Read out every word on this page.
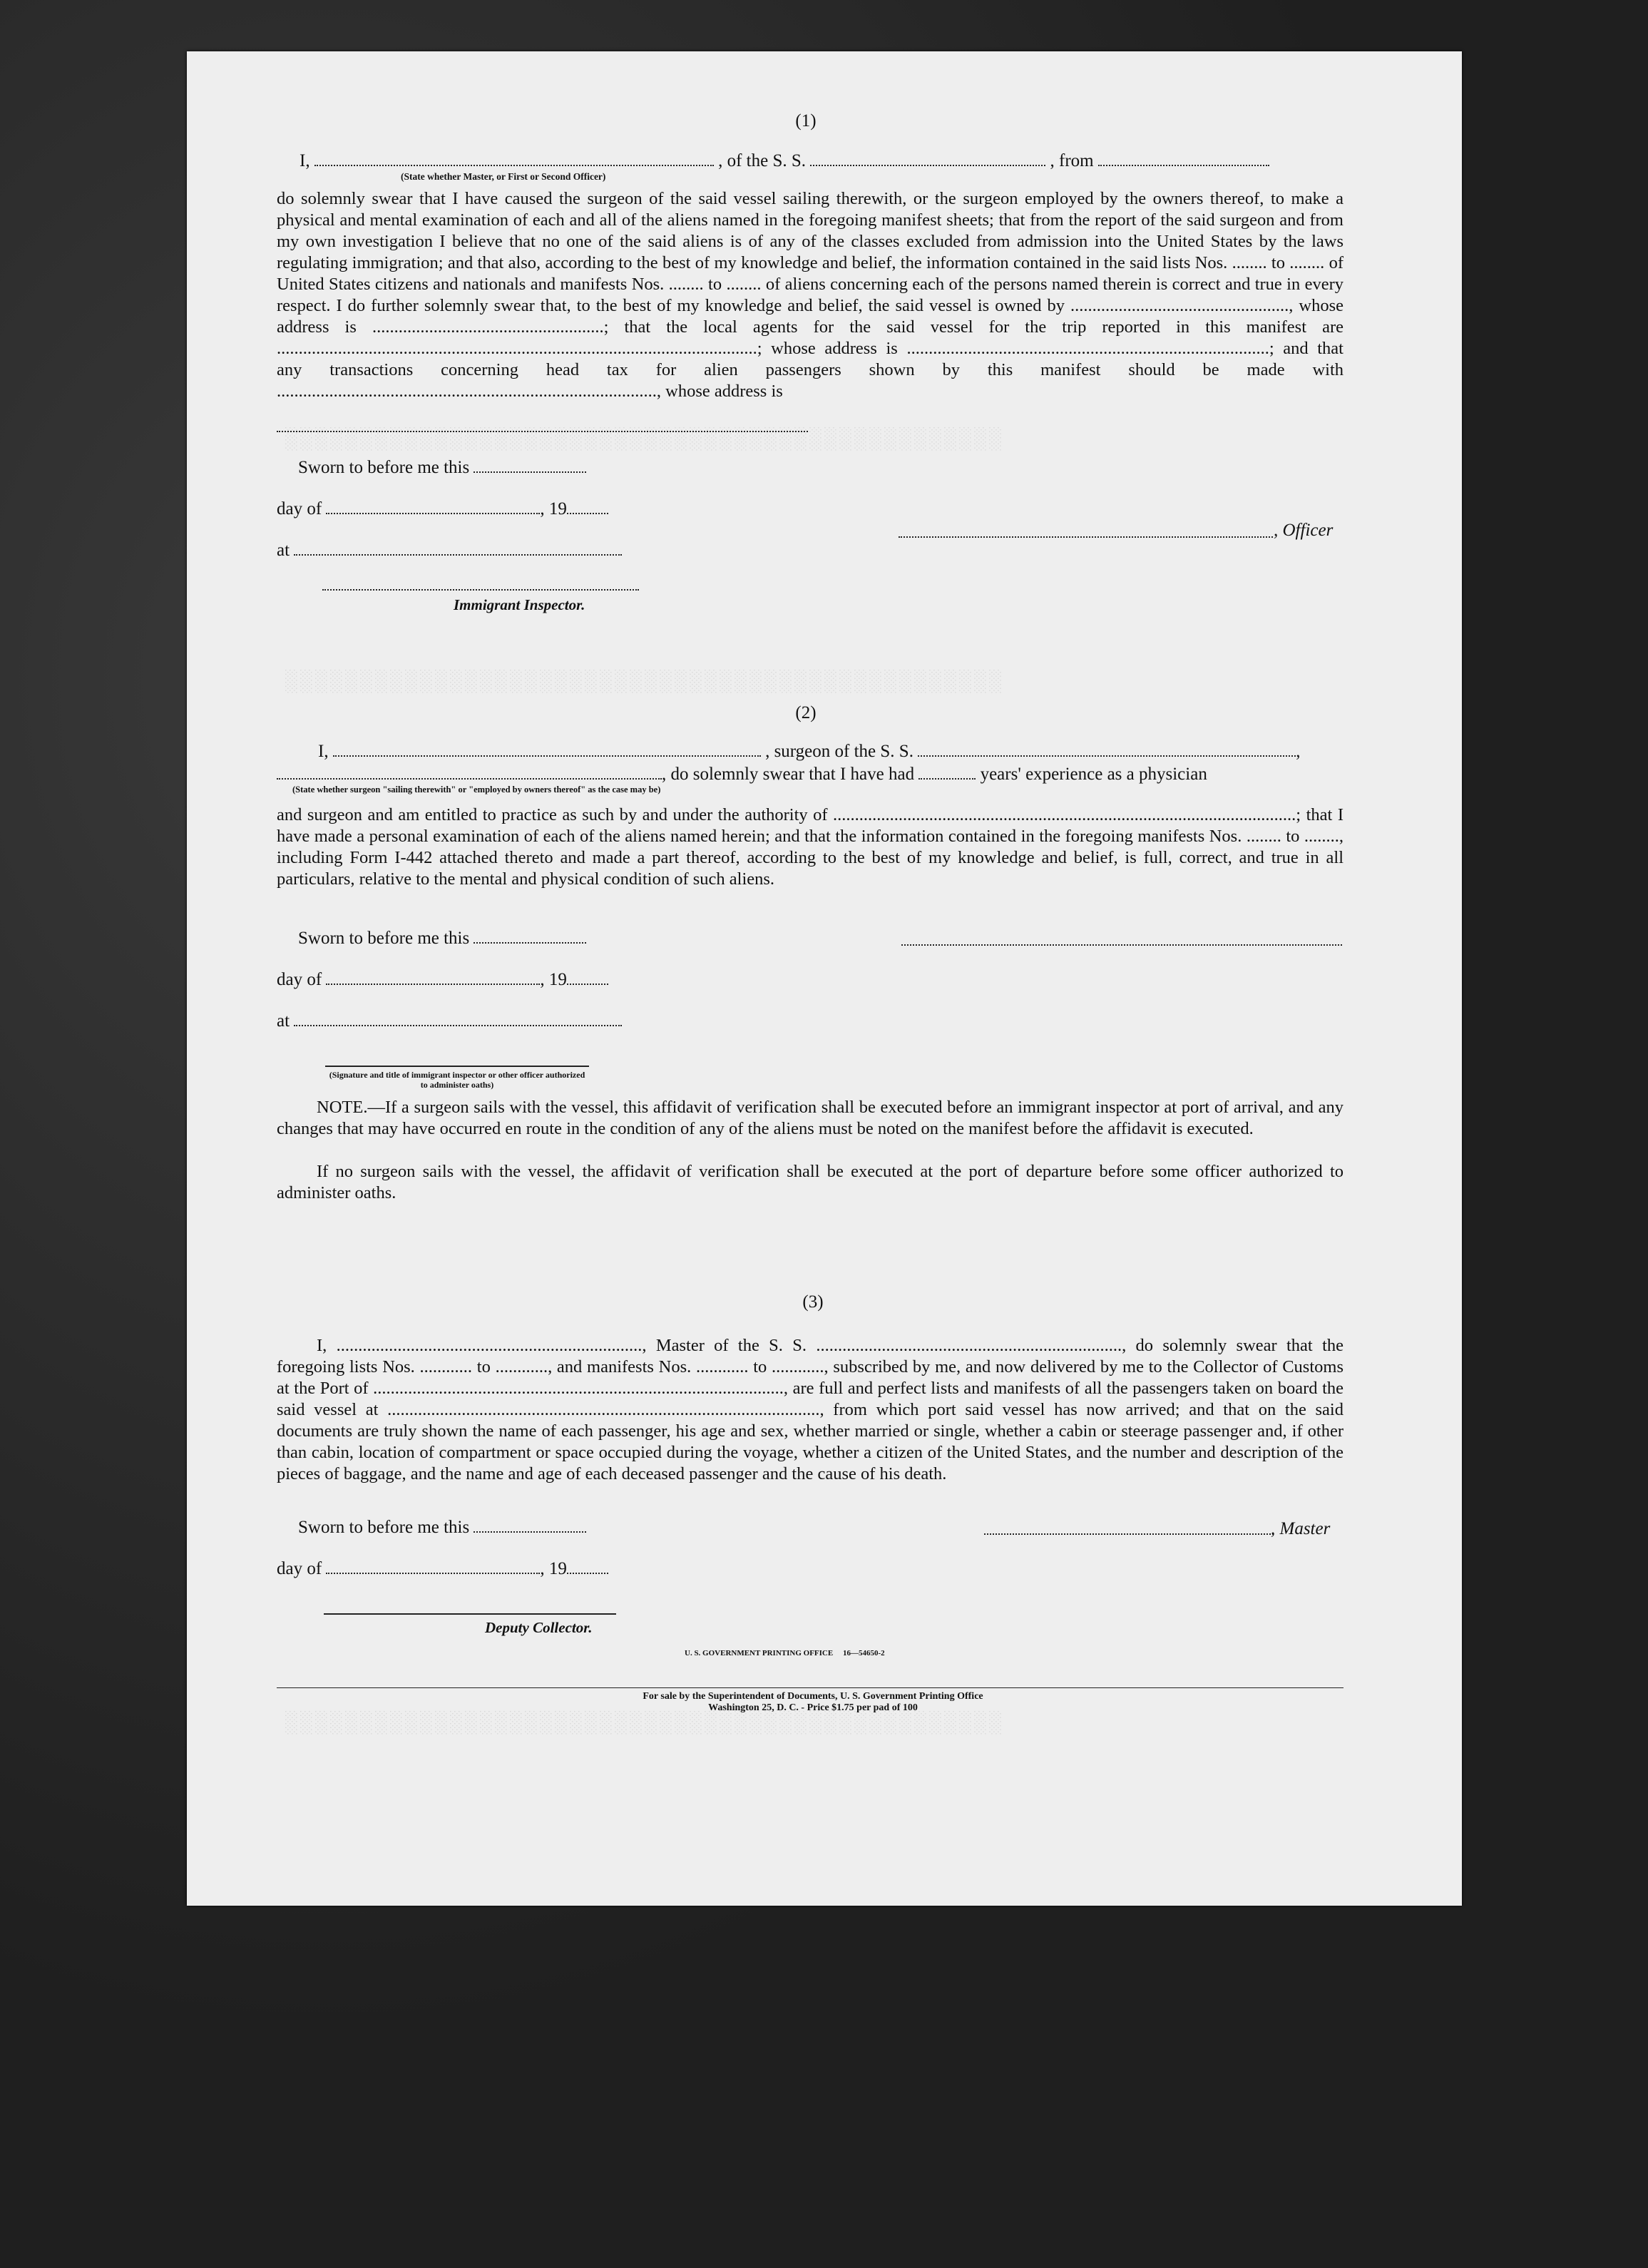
░░░░░░░░░░░░░░░░░░░░░░░░░░░░░░░░░░░░░░░░░░░░░░░░
░░░░░░░░░░░░░░░░░░░░░░░░░░░░░░░░░░░░░░░░░░░░░░░░
░░░░░░░░░░░░░░░░░░░░░░░░░░░░░░░░░░░░░░░░░░░░░░░░
(1)
I,	, of the S. S.	, from
(State whether Master, or First or Second Officer)

do solemnly swear that I have caused the surgeon of the said vessel sailing therewith, or the surgeon employed by the owners thereof, to make a physical and mental examination of each and all of the aliens named in the foregoing manifest sheets; that from the report of the said surgeon and from my own investigation I believe that no one of the said aliens is of any of the classes excluded from admission into the United States by the laws regulating immigration; and that also, according to the best of my knowledge and belief, the information contained in the said lists Nos. ........ to ........ of United States citizens and nationals and manifests Nos. ........ to ........ of aliens concerning each of the persons named therein is correct and true in every respect. I do further solemnly swear that, to the best of my knowledge and belief, the said vessel is owned by .................................................., whose address is .....................................................; that the local agents for the said vessel for the trip reported in this manifest are ..............................................................................................................; whose address is ...................................................................................; and that any transactions concerning head tax for alien passengers shown by this manifest should be made with ......................................................................................., whose address is

Sworn to before me this
day of	, 19
at
, Officer
Immigrant Inspector.
(2)
I,	, surgeon of the S. S.	,
, do solemnly swear that I have had	years' experience as a physician
(State whether surgeon "sailing therewith" or "employed by owners thereof" as the case may be)

and surgeon and am entitled to practice as such by and under the authority of ..........................................................................................................; that I have made a personal examination of each of the aliens named herein; and that the information contained in the foregoing manifests Nos. ........ to ........, including Form I-442 attached thereto and made a part thereof, according to the best of my knowledge and belief, is full, correct, and true in all particulars, relative to the mental and physical condition of such aliens.

Sworn to before me this
day of	, 19
at
(Signature and title of immigrant inspector or other officer authorized to administer oaths)

NOTE.—If a surgeon sails with the vessel, this affidavit of verification shall be executed before an immigrant inspector at port of arrival, and any changes that may have occurred en route in the condition of any of the aliens must be noted on the manifest before the affidavit is executed.

If no surgeon sails with the vessel, the affidavit of verification shall be executed at the port of departure before some officer authorized to administer oaths.

(3)

I, ......................................................................, Master of the S. S. ......................................................................, do solemnly swear that the foregoing lists Nos. ............ to ............, and manifests Nos. ............ to ............, subscribed by me, and now delivered by me to the Collector of Customs at the Port of .............................................................................................., are full and perfect lists and manifests of all the passengers taken on board the said vessel at ..................................................................................................., from which port said vessel has now arrived; and that on the said documents are truly shown the name of each passenger, his age and sex, whether married or single, whether a cabin or steerage passenger and, if other than cabin, location of compartment or space occupied during the voyage, whether a citizen of the United States, and the number and description of the pieces of baggage, and the name and age of each deceased passenger and the cause of his death.

Sworn to before me this	, Master
day of	, 19
Deputy Collector.
U. S. GOVERNMENT PRINTING OFFICE     16—54650-2
For sale by the Superintendent of Documents, U. S. Government Printing Office
Washington 25, D. C. - Price $1.75 per pad of 100
